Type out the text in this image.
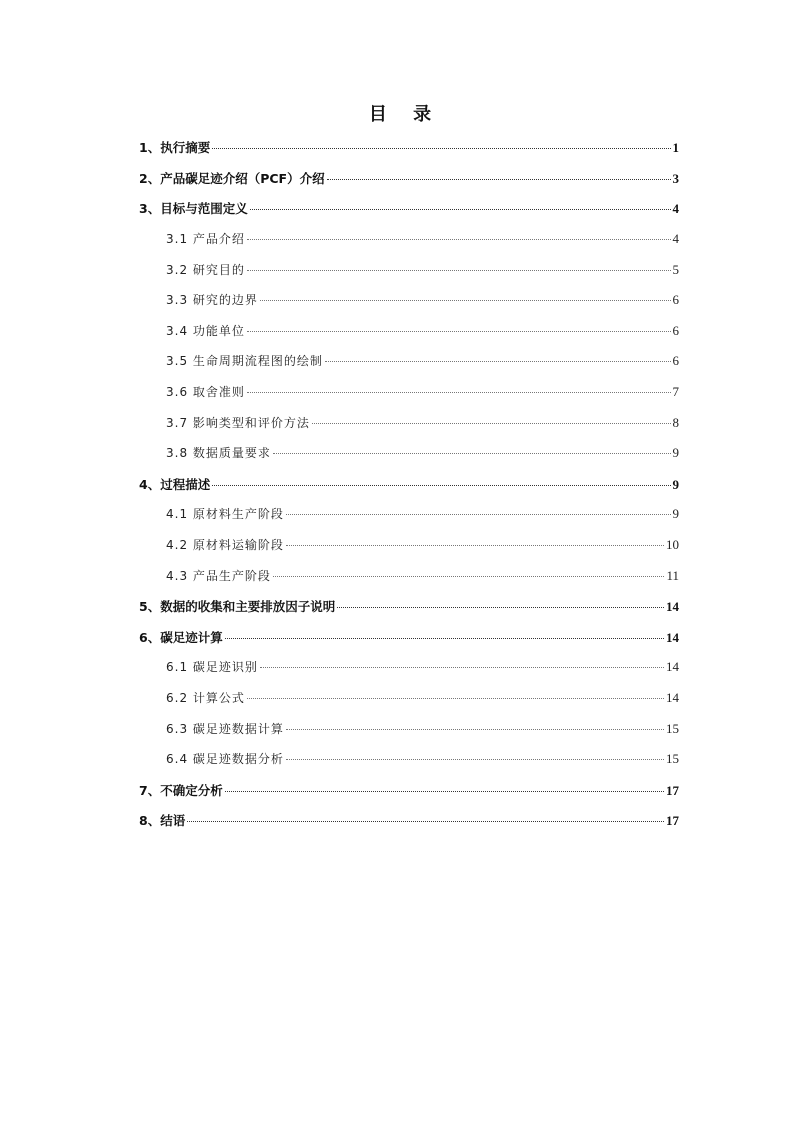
目 录
1、执行摘要	1
2、产品碳足迹介绍（PCF）介绍	3
3、目标与范围定义	4
3.1 产品介绍	4
3.2 研究目的	5
3.3 研究的边界	6
3.4 功能单位	6
3.5 生命周期流程图的绘制	6
3.6 取舍准则	7
3.7 影响类型和评价方法	8
3.8 数据质量要求	9
4、过程描述	9
4.1 原材料生产阶段	9
4.2 原材料运输阶段	10
4.3 产品生产阶段	11
5、数据的收集和主要排放因子说明	14
6、碳足迹计算	14
6.1 碳足迹识别	14
6.2 计算公式	14
6.3 碳足迹数据计算	15
6.4 碳足迹数据分析	15
7、不确定分析	17
8、结语	17
